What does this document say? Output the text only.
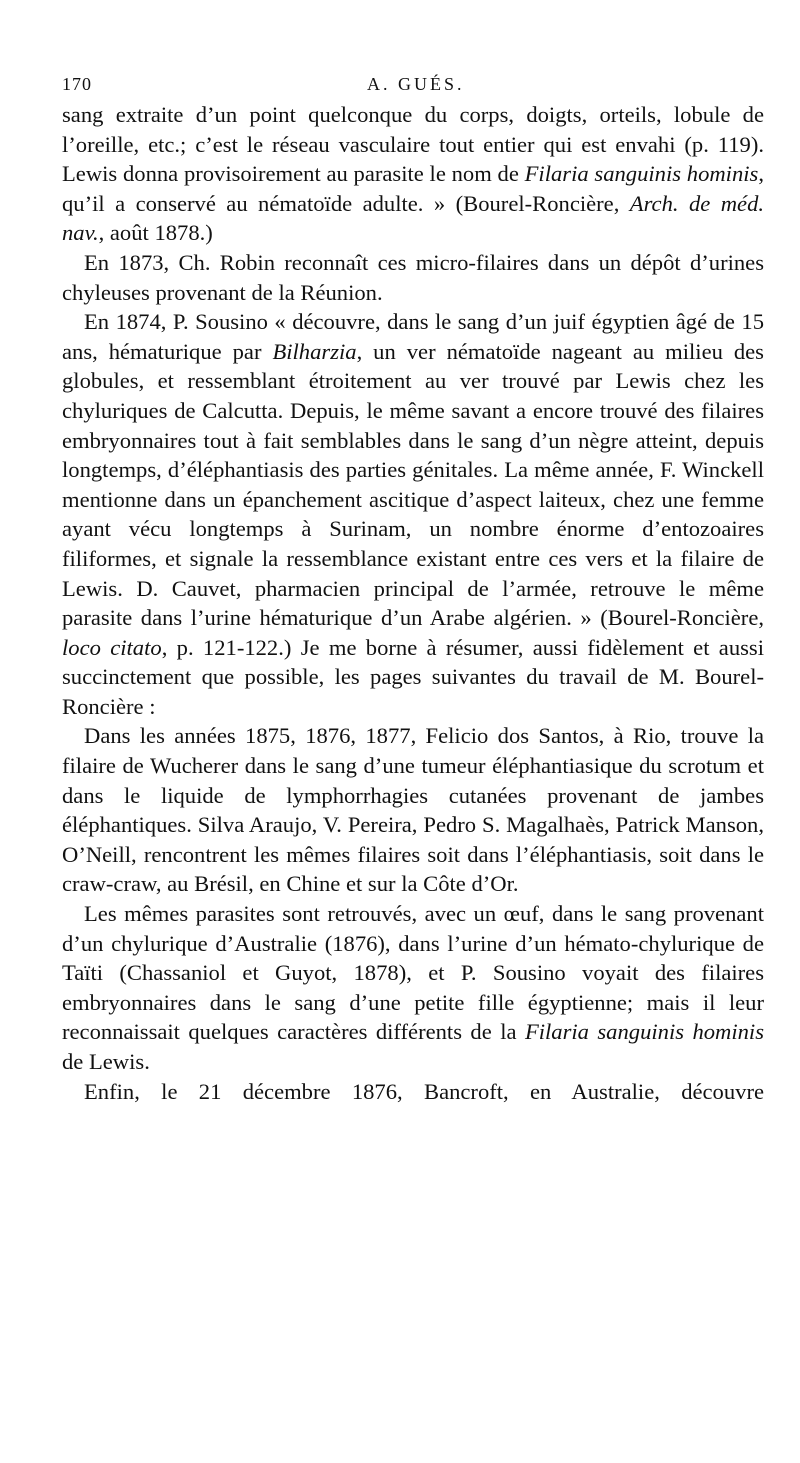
170	A. GUÉS.

sang extraite d’un point quelconque du corps, doigts, orteils, lobule de l’oreille, etc.; c’est le réseau vasculaire tout entier qui est envahi (p. 119). Lewis donna provisoirement au parasite le nom de Filaria sanguinis hominis, qu’il a conservé au nématoïde adulte. » (Bourel-Roncière, Arch. de méd. nav., août 1878.)

En 1873, Ch. Robin reconnaît ces micro-filaires dans un dépôt d’urines chyleuses provenant de la Réunion.

En 1874, P. Sousino « découvre, dans le sang d’un juif égyptien âgé de 15 ans, hématurique par Bilharzia, un ver nématoïde nageant au milieu des globules, et ressemblant étroitement au ver trouvé par Lewis chez les chyluriques de Calcutta. Depuis, le même savant a encore trouvé des filaires embryonnaires tout à fait semblables dans le sang d’un nègre atteint, depuis longtemps, d’éléphantiasis des parties génitales. La même année, F. Winckell mentionne dans un épanchement ascitique d’aspect laiteux, chez une femme ayant vécu longtemps à Surinam, un nombre énorme d’entozoaires filiformes, et signale la ressemblance existant entre ces vers et la filaire de Lewis. D. Cauvet, pharmacien principal de l’armée, retrouve le même parasite dans l’urine hématurique d’un Arabe algérien. » (Bourel-Roncière, loco citato, p. 121-122.) Je me borne à résumer, aussi fidèlement et aussi succinctement que possible, les pages suivantes du travail de M. Bourel-Roncière :

Dans les années 1875, 1876, 1877, Felicio dos Santos, à Rio, trouve la filaire de Wucherer dans le sang d’une tumeur éléphantiasique du scrotum et dans le liquide de lymphorrhagies cutanées provenant de jambes éléphantiques. Silva Araujo, V. Pereira, Pedro S. Magalhaès, Patrick Manson, O’Neill, rencontrent les mêmes filaires soit dans l’éléphantiasis, soit dans le craw-craw, au Brésil, en Chine et sur la Côte d’Or.

Les mêmes parasites sont retrouvés, avec un œuf, dans le sang provenant d’un chylurique d’Australie (1876), dans l’urine d’un hémato-chylurique de Taïti (Chassaniol et Guyot, 1878), et P. Sousino voyait des filaires embryonnaires dans le sang d’une petite fille égyptienne; mais il leur reconnaissait quelques caractères différents de la Filaria sanguinis hominis de Lewis.

Enfin, le 21 décembre 1876, Bancroft, en Australie, découvre
